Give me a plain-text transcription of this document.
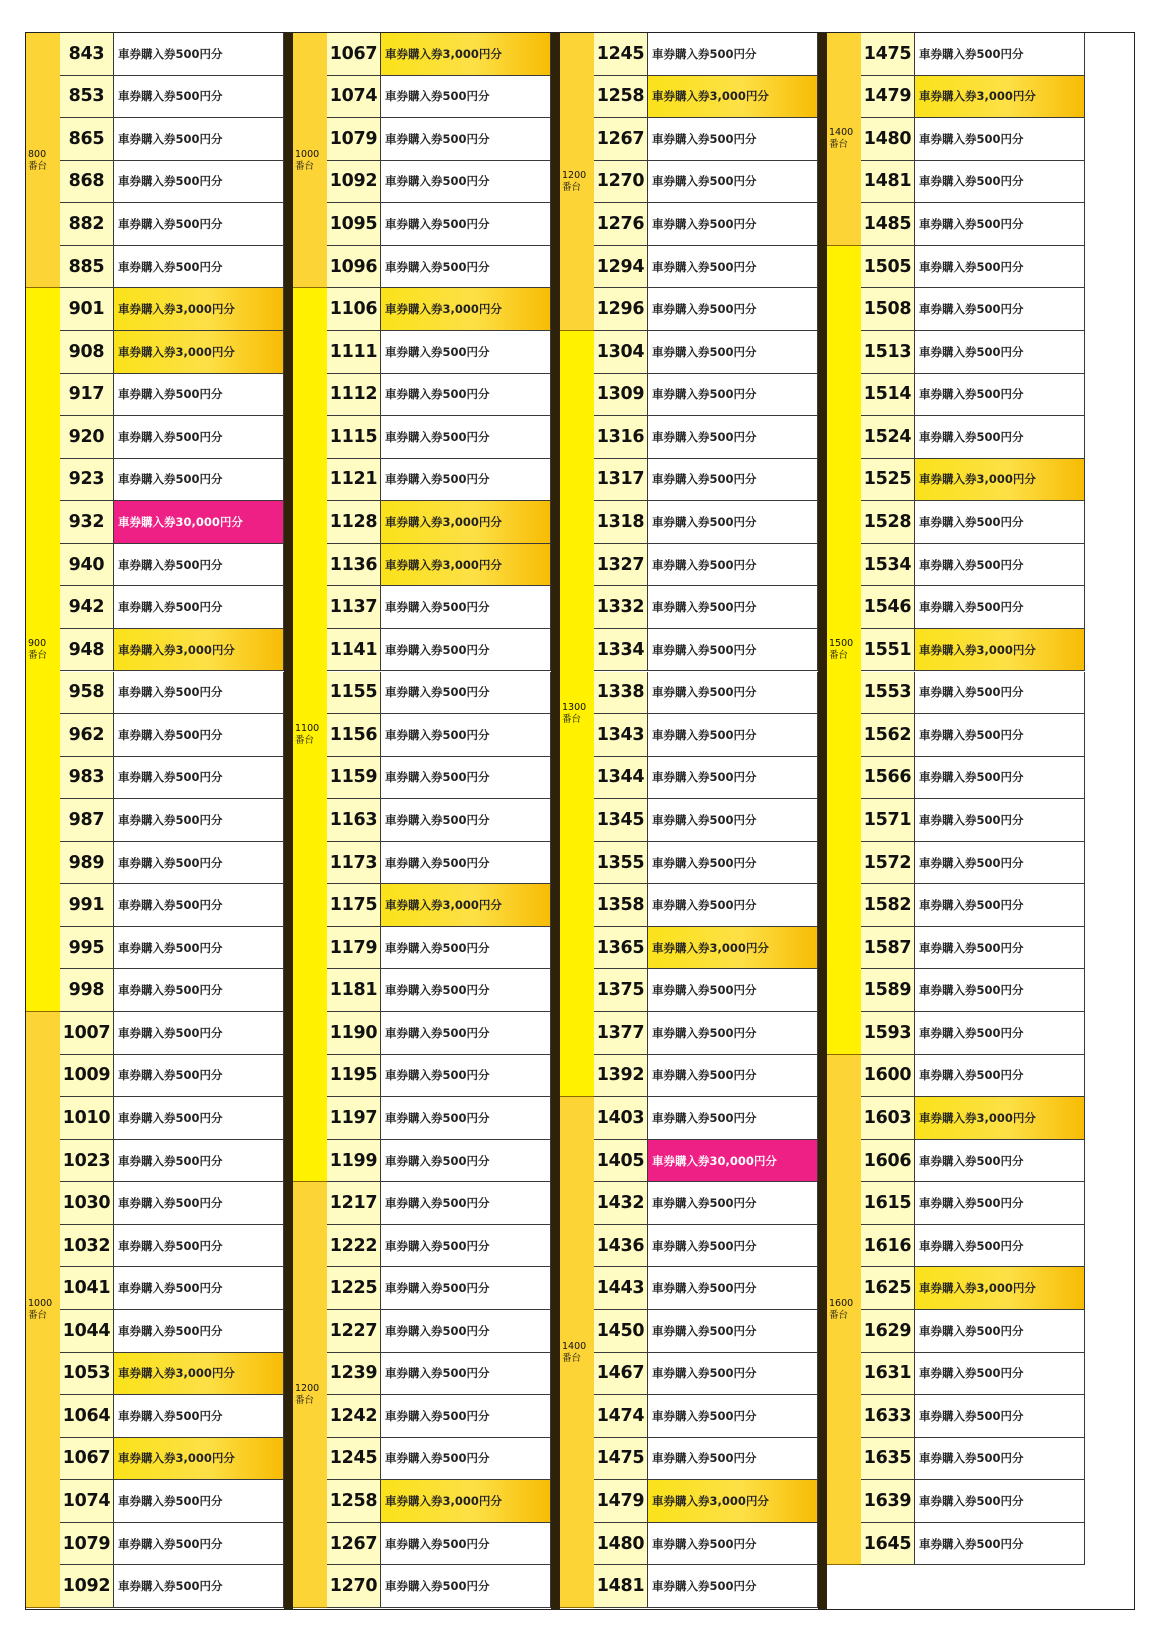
800
番台
900
番台
1000
番台
843	車券購入券500円分
853	車券購入券500円分
865	車券購入券500円分
868	車券購入券500円分
882	車券購入券500円分
885	車券購入券500円分
901	車券購入券3,000円分
908	車券購入券3,000円分
917	車券購入券500円分
920	車券購入券500円分
923	車券購入券500円分
932	車券購入券30,000円分
940	車券購入券500円分
942	車券購入券500円分
948	車券購入券3,000円分
958	車券購入券500円分
962	車券購入券500円分
983	車券購入券500円分
987	車券購入券500円分
989	車券購入券500円分
991	車券購入券500円分
995	車券購入券500円分
998	車券購入券500円分
1007 車券購入券500円分
1009 車券購入券500円分
1010 車券購入券500円分
1023 車券購入券500円分
1030 車券購入券500円分
1032 車券購入券500円分
1041 車券購入券500円分
1044 車券購入券500円分
1053 車券購入券3,000円分
1064 車券購入券500円分
1067 車券購入券3,000円分
1074 車券購入券500円分
1079 車券購入券500円分
1092 車券購入券500円分
1000
番台
1100
番台
1200
番台
1067 車券購入券3,000円分
1074 車券購入券500円分
1079 車券購入券500円分
1092 車券購入券500円分
1095 車券購入券500円分
1096 車券購入券500円分
1106 車券購入券3,000円分
1111 車券購入券500円分
1112 車券購入券500円分
1115 車券購入券500円分
1121 車券購入券500円分
1128 車券購入券3,000円分
1136 車券購入券3,000円分
1137 車券購入券500円分
1141 車券購入券500円分
1155 車券購入券500円分
1156 車券購入券500円分
1159 車券購入券500円分
1163 車券購入券500円分
1173 車券購入券500円分
1175 車券購入券3,000円分
1179 車券購入券500円分
1181 車券購入券500円分
1190 車券購入券500円分
1195 車券購入券500円分
1197 車券購入券500円分
1199 車券購入券500円分
1217 車券購入券500円分
1222 車券購入券500円分
1225 車券購入券500円分
1227 車券購入券500円分
1239 車券購入券500円分
1242 車券購入券500円分
1245 車券購入券500円分
1258 車券購入券3,000円分
1267 車券購入券500円分
1270 車券購入券500円分
1200
番台
1300
番台
1400
番台
1245 車券購入券500円分
1258 車券購入券3,000円分
1267 車券購入券500円分
1270 車券購入券500円分
1276 車券購入券500円分
1294 車券購入券500円分
1296 車券購入券500円分
1304 車券購入券500円分
1309 車券購入券500円分
1316 車券購入券500円分
1317 車券購入券500円分
1318 車券購入券500円分
1327 車券購入券500円分
1332 車券購入券500円分
1334 車券購入券500円分
1338 車券購入券500円分
1343 車券購入券500円分
1344 車券購入券500円分
1345 車券購入券500円分
1355 車券購入券500円分
1358 車券購入券500円分
1365 車券購入券3,000円分
1375 車券購入券500円分
1377 車券購入券500円分
1392 車券購入券500円分
1403 車券購入券500円分
1405 車券購入券30,000円分
1432 車券購入券500円分
1436 車券購入券500円分
1443 車券購入券500円分
1450 車券購入券500円分
1467 車券購入券500円分
1474 車券購入券500円分
1475 車券購入券500円分
1479 車券購入券3,000円分
1480 車券購入券500円分
1481 車券購入券500円分
1400
番台
1500
番台
1600
番台
1475 車券購入券500円分
1479 車券購入券3,000円分
1480 車券購入券500円分
1481 車券購入券500円分
1485 車券購入券500円分
1505 車券購入券500円分
1508 車券購入券500円分
1513 車券購入券500円分
1514 車券購入券500円分
1524 車券購入券500円分
1525 車券購入券3,000円分
1528 車券購入券500円分
1534 車券購入券500円分
1546 車券購入券500円分
1551 車券購入券3,000円分
1553 車券購入券500円分
1562 車券購入券500円分
1566 車券購入券500円分
1571 車券購入券500円分
1572 車券購入券500円分
1582 車券購入券500円分
1587 車券購入券500円分
1589 車券購入券500円分
1593 車券購入券500円分
1600 車券購入券500円分
1603 車券購入券3,000円分
1606 車券購入券500円分
1615 車券購入券500円分
1616 車券購入券500円分
1625 車券購入券3,000円分
1629 車券購入券500円分
1631 車券購入券500円分
1633 車券購入券500円分
1635 車券購入券500円分
1639 車券購入券500円分
1645 車券購入券500円分
